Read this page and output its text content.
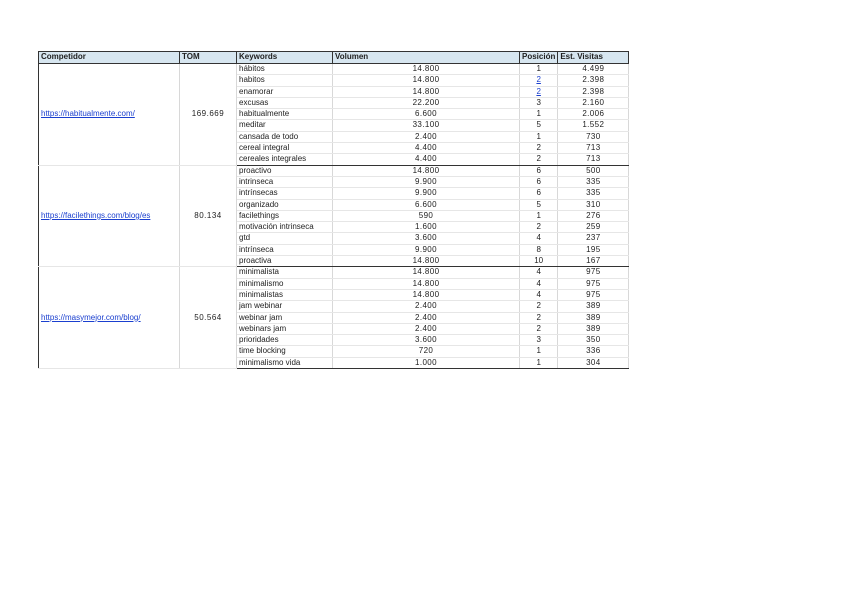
Competidor	TOM	Keywords	Volumen	Posición	Est. Visitas
https://habitualmente.com/	169.669	hábitos	14.800	1	4.499
		habitos	14.800	2	2.398
		enamorar	14.800	2	2.398
		excusas	22.200	3	2.160
		habitualmente	6.600	1	2.006
		meditar	33.100	5	1.552
		cansada de todo	2.400	1	730
		cereal integral	4.400	2	713
		cereales integrales	4.400	2	713
https://facilethings.com/blog/es	80.134	proactivo	14.800	6	500
		intrinseca	9.900	6	335
		intrínsecas	9.900	6	335
		organizado	6.600	5	310
		facilethings	590	1	276
		motivación intrinseca	1.600	2	259
		gtd	3.600	4	237
		intrínseca	9.900	8	195
		proactiva	14.800	10	167
https://masymejor.com/blog/	50.564	minimalista	14.800	4	975
		minimalismo	14.800	4	975
		minimalistas	14.800	4	975
		jam webinar	2.400	2	389
		webinar jam	2.400	2	389
		webinars jam	2.400	2	389
		prioridades	3.600	3	350
		time blocking	720	1	336
		minimalismo vida	1.000	1	304
